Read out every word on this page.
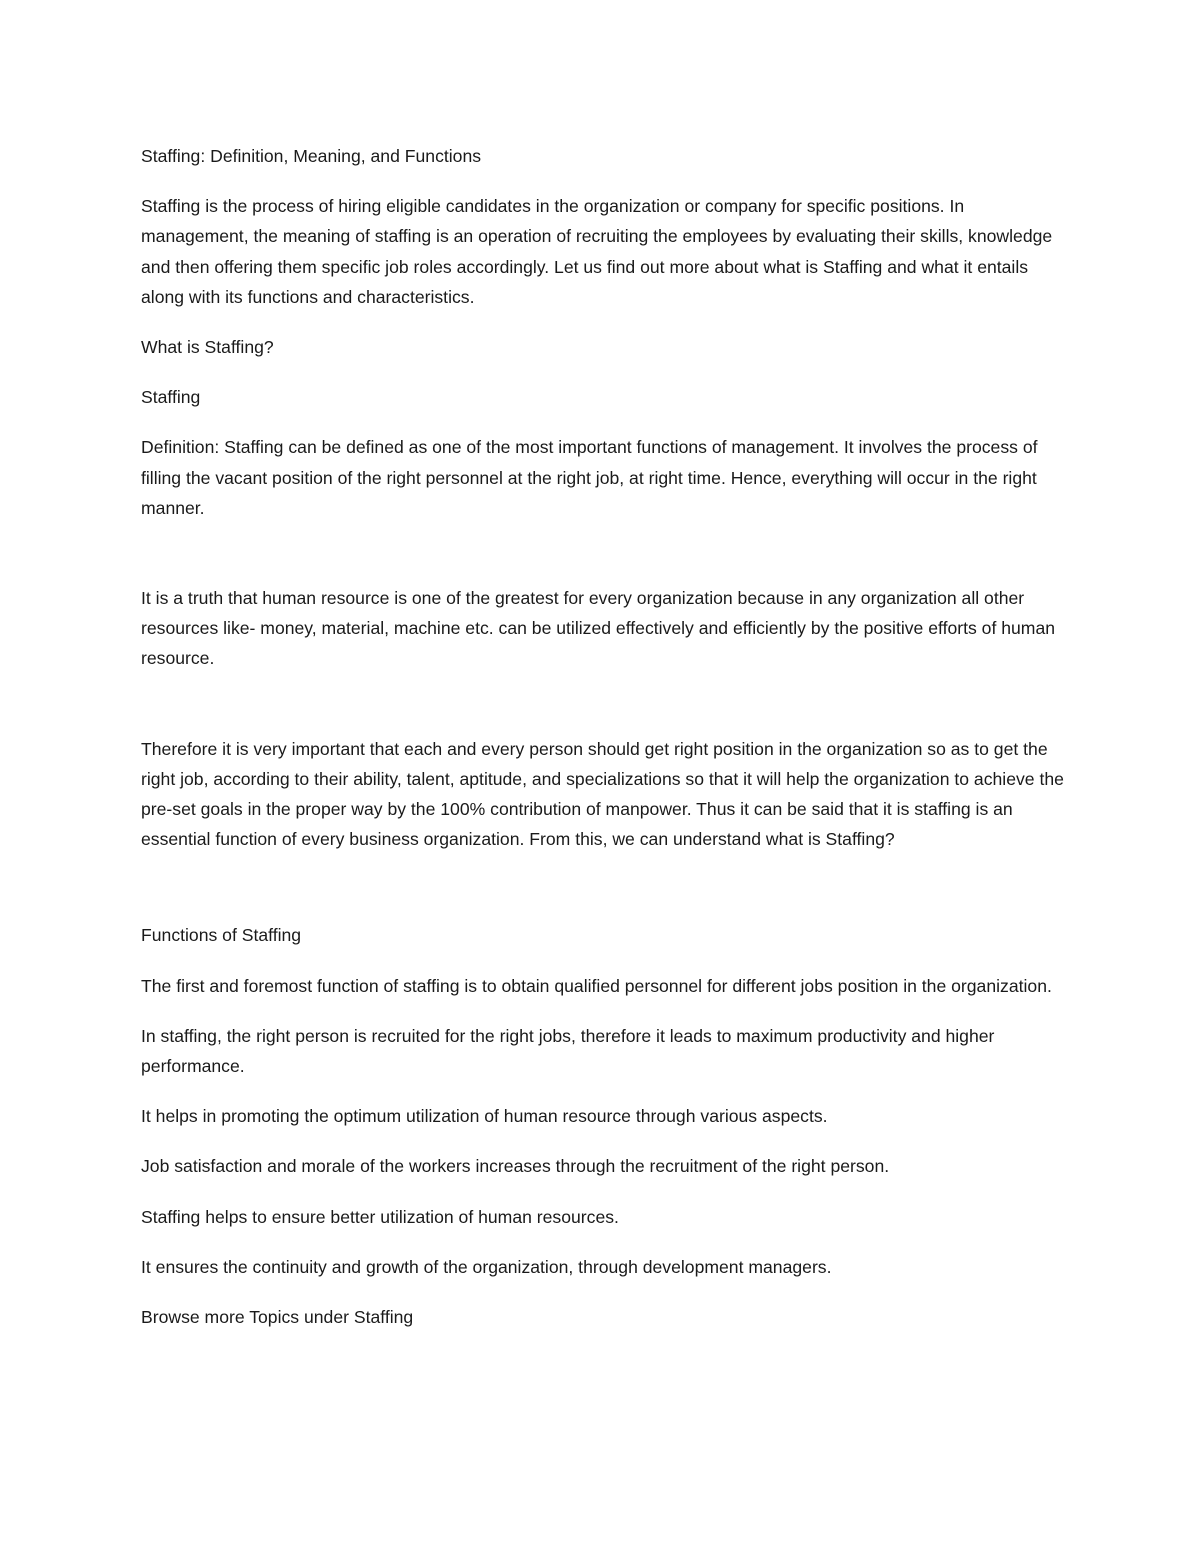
Staffing: Definition, Meaning, and Functions

Staffing is the process of hiring eligible candidates in the organization or company for specific positions. In management, the meaning of staffing is an operation of recruiting the employees by evaluating their skills, knowledge and then offering them specific job roles accordingly. Let us find out more about what is Staffing and what it entails along with its functions and characteristics.

What is Staffing?

Staffing

Definition: Staffing can be defined as one of the most important functions of management. It involves the process of filling the vacant position of the right personnel at the right job, at right time. Hence, everything will occur in the right manner.

It is a truth that human resource is one of the greatest for every organization because in any organization all other resources like- money, material, machine etc. can be utilized effectively and efficiently by the positive efforts of human resource.

Therefore it is very important that each and every person should get right position in the organization so as to get the right job, according to their ability, talent, aptitude, and specializations so that it will help the organization to achieve the pre-set goals in the proper way by the 100% contribution of manpower. Thus it can be said that it is staffing is an essential function of every business organization. From this, we can understand what is Staffing?

Functions of Staffing

The first and foremost function of staffing is to obtain qualified personnel for different jobs position in the organization.

In staffing, the right person is recruited for the right jobs, therefore it leads to maximum productivity and higher performance.

It helps in promoting the optimum utilization of human resource through various aspects.

Job satisfaction and morale of the workers increases through the recruitment of the right person.

Staffing helps to ensure better utilization of human resources.

It ensures the continuity and growth of the organization, through development managers.

Browse more Topics under Staffing
